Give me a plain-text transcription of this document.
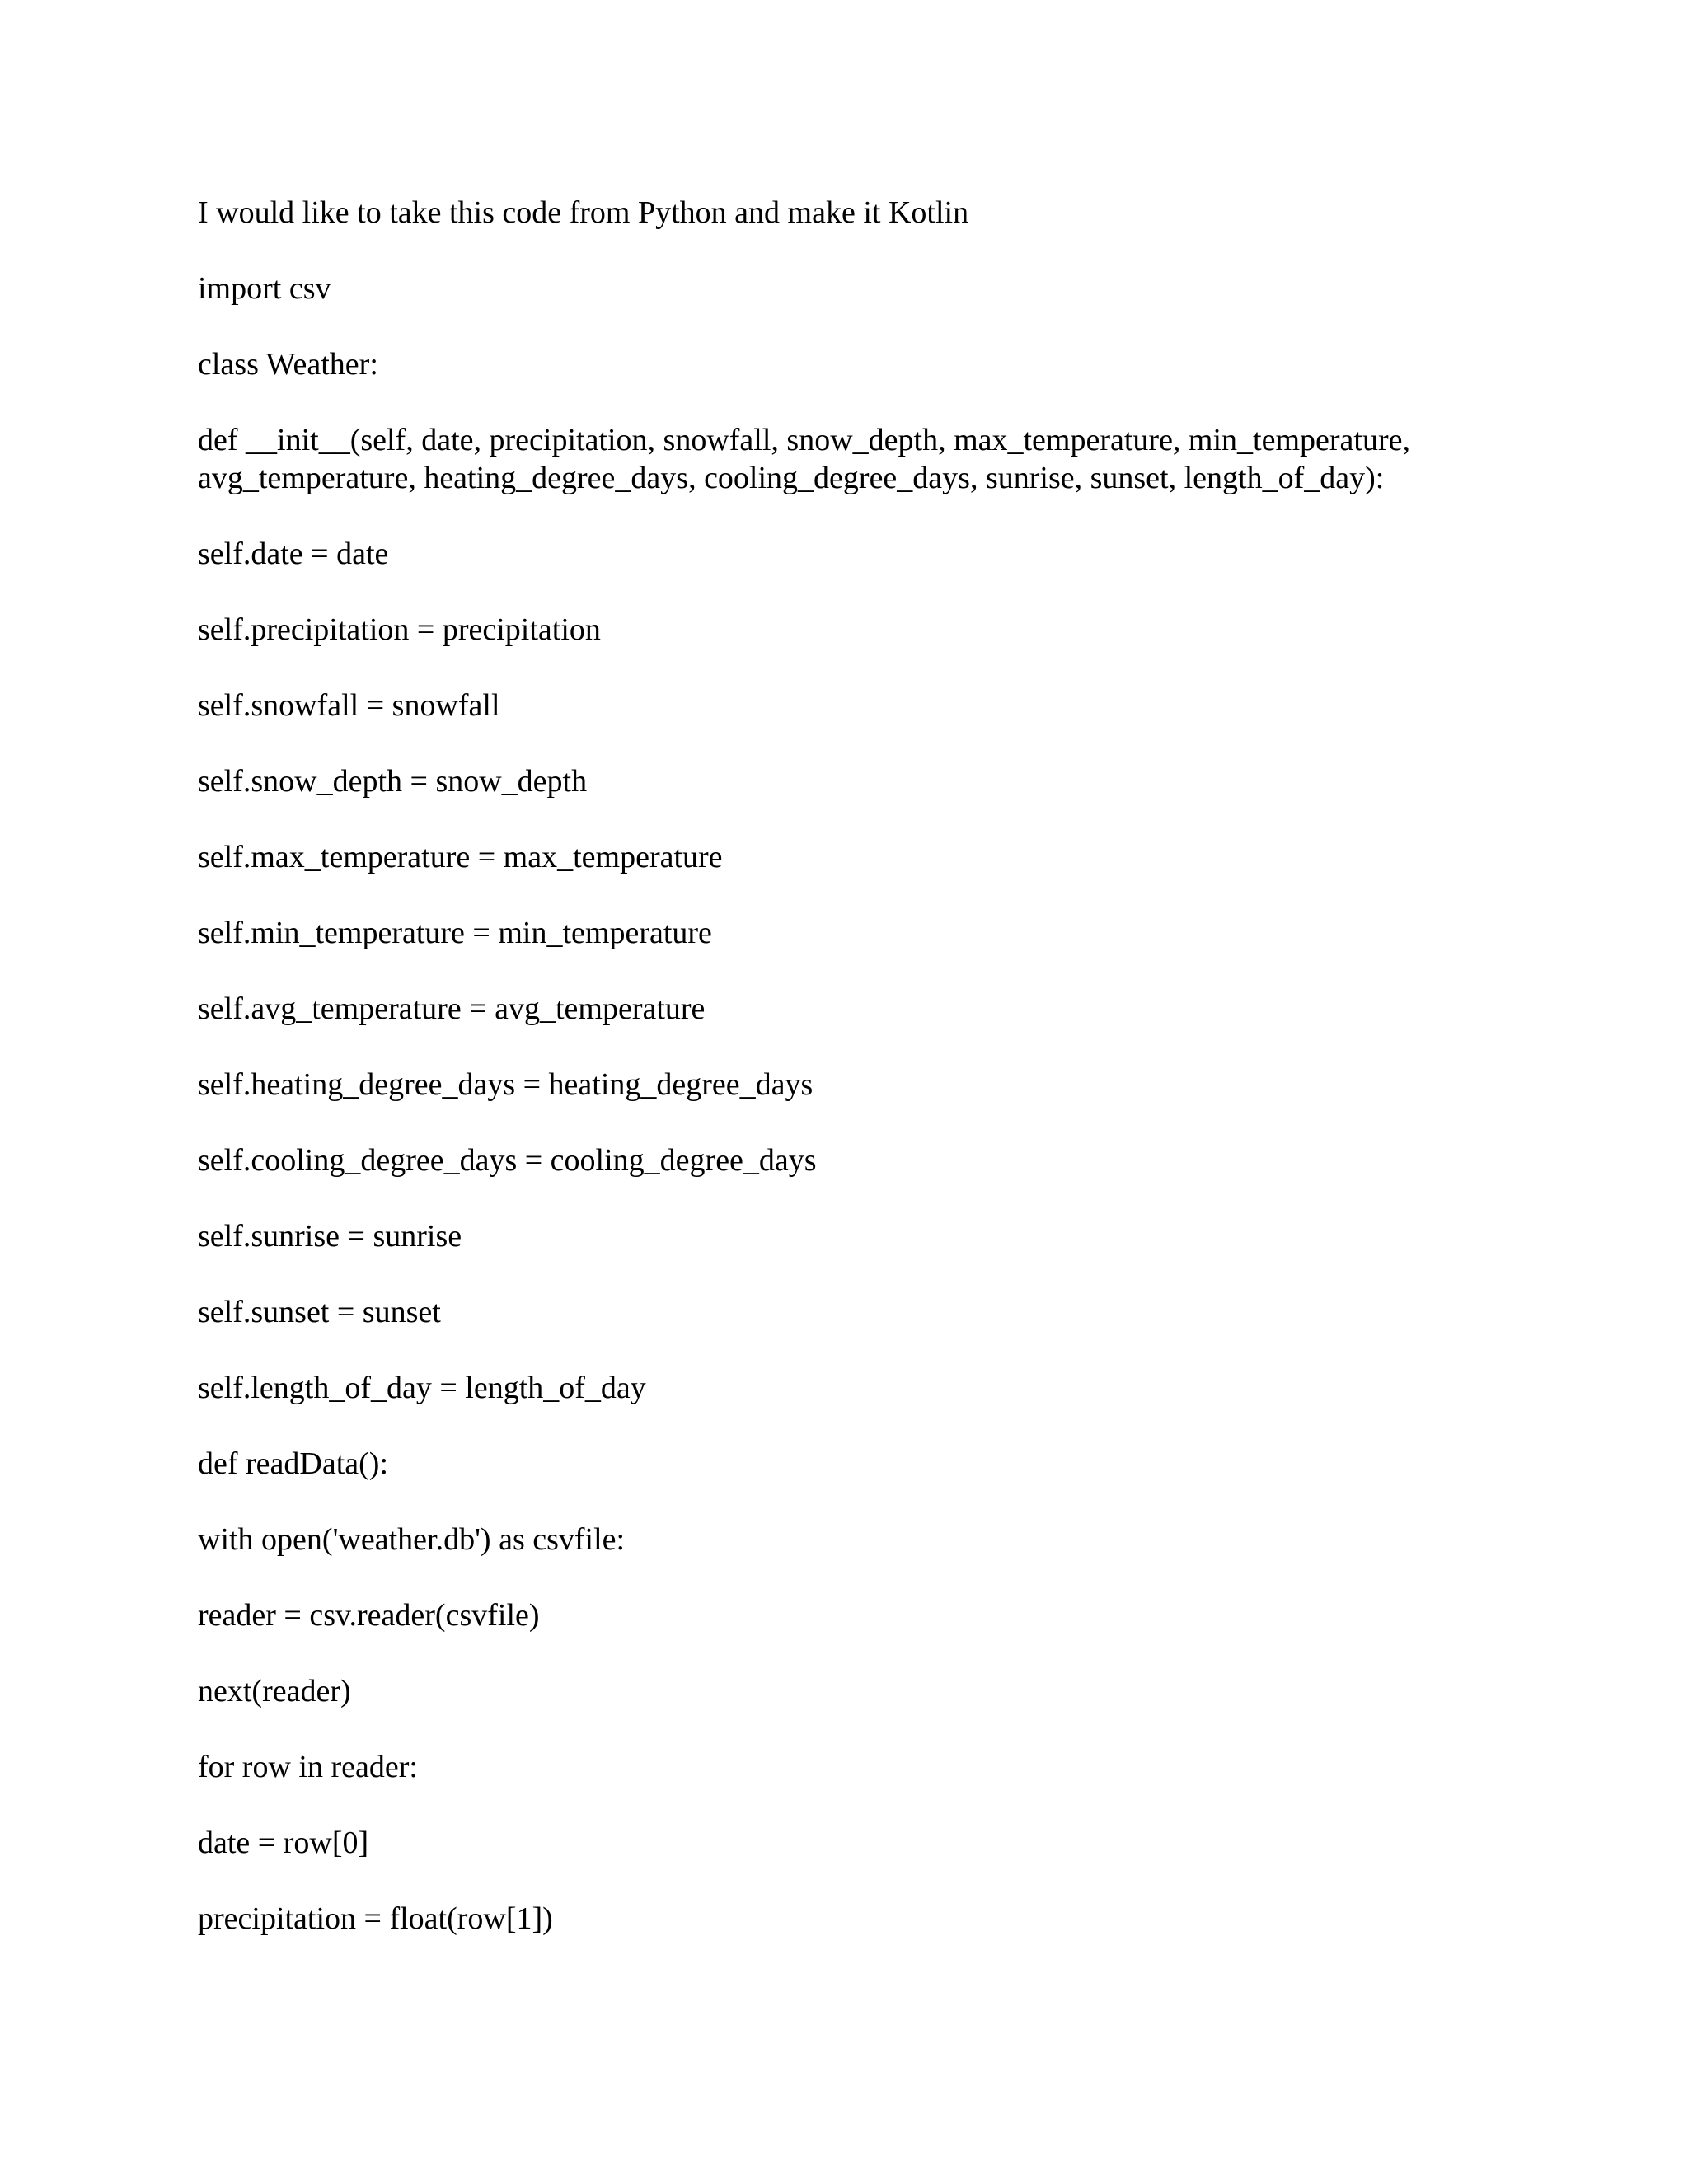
I would like to take this code from Python and make it Kotlin

import csv

class Weather:

def __init__(self, date, precipitation, snowfall, snow_depth, max_temperature, min_temperature, avg_temperature, heating_degree_days, cooling_degree_days, sunrise, sunset, length_of_day):

self.date = date

self.precipitation = precipitation

self.snowfall = snowfall

self.snow_depth = snow_depth

self.max_temperature = max_temperature

self.min_temperature = min_temperature

self.avg_temperature = avg_temperature

self.heating_degree_days = heating_degree_days

self.cooling_degree_days = cooling_degree_days

self.sunrise = sunrise

self.sunset = sunset

self.length_of_day = length_of_day

def readData():

with open('weather.db') as csvfile:

reader = csv.reader(csvfile)

next(reader)

for row in reader:

date = row[0]

precipitation = float(row[1])
